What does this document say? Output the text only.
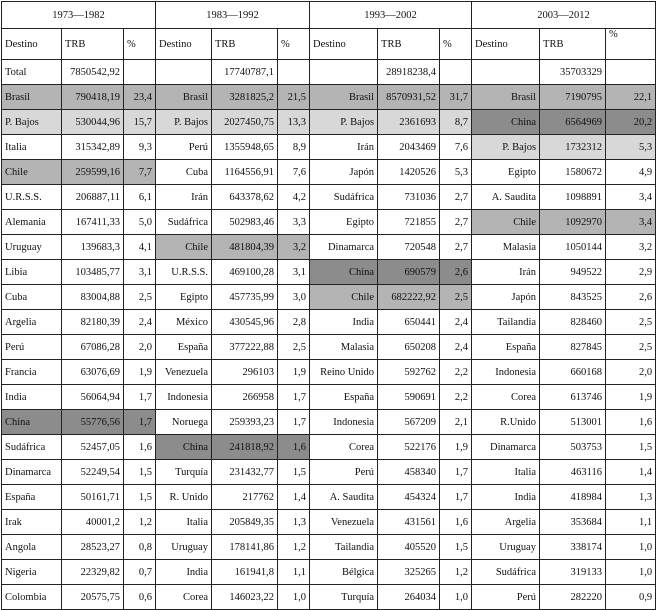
1973—1982			1983—1992			1993—2002			2003—2012		
Destino	TRB	%	Destino	TRB	%	Destino	TRB	%	Destino	TRB	%
Total	7850542,92			17740787,1			28918238,4			35703329	
Brasil	790418,19	23,4	Brasil	3281825,2	21,5	Brasil	8570931,52	31,7	Brasil	7190795	22,1
P. Bajos	530044,96	15,7	P. Bajos	2027450,75	13,3	P. Bajos	2361693	8,7	China	6564969	20,2
Italia	315342,89	9,3	Perú	1355948,65	8,9	Irán	2043469	7,6	P. Bajos	1732312	5,3
Chile	259599,16	7,7	Cuba	1164556,91	7,6	Japón	1420526	5,3	Egipto	1580672	4,9
U.R.S.S.	206887,11	6,1	Irán	643378,62	4,2	Sudáfrica	731036	2,7	A. Saudita	1098891	3,4
Alemania	167411,33	5,0	Sudáfrica	502983,46	3,3	Egipto	721855	2,7	Chile	1092970	3,4
Uruguay	139683,3	4,1	Chile	481804,39	3,2	Dinamarca	720548	2,7	Malasia	1050144	3,2
Libia	103485,77	3,1	U.R.S.S.	469100,28	3,1	China	690579	2,6	Irán	949522	2,9
Cuba	83004,88	2,5	Egipto	457735,99	3,0	Chile	682222,92	2,5	Japón	843525	2,6
Argelia	82180,39	2,4	México	430545,96	2,8	India	650441	2,4	Tailandia	828460	2,5
Perú	67086,28	2,0	España	377222,88	2,5	Malasia	650208	2,4	España	827845	2,5
Francia	63076,69	1,9	Venezuela	296103	1,9	Reino Unido	592762	2,2	Indonesia	660168	2,0
India	56064,94	1,7	Indonesia	266958	1,7	España	590691	2,2	Corea	613746	1,9
China	55776,56	1,7	Noruega	259393,23	1,7	Indonesia	567209	2,1	R.Unido	513001	1,6
Sudáfrica	52457,05	1,6	China	241818,92	1,6	Corea	522176	1,9	Dinamarca	503753	1,5
Dinamarca	52249,54	1,5	Turquía	231432,77	1,5	Perú	458340	1,7	Italia	463116	1,4
España	50161,71	1,5	R. Unido	217762	1,4	A. Saudita	454324	1,7	India	418984	1,3
Irak	40001,2	1,2	Italia	205849,35	1,3	Venezuela	431561	1,6	Argelia	353684	1,1
Angola	28523,27	0,8	Uruguay	178141,86	1,2	Tailandia	405520	1,5	Uruguay	338174	1,0
Nigeria	22329,82	0,7	India	161941,8	1,1	Bélgica	325265	1,2	Sudáfrica	319133	1,0
Colombia	20575,75	0,6	Corea	146023,22	1,0	Turquía	264034	1,0	Perú	282220	0,9
